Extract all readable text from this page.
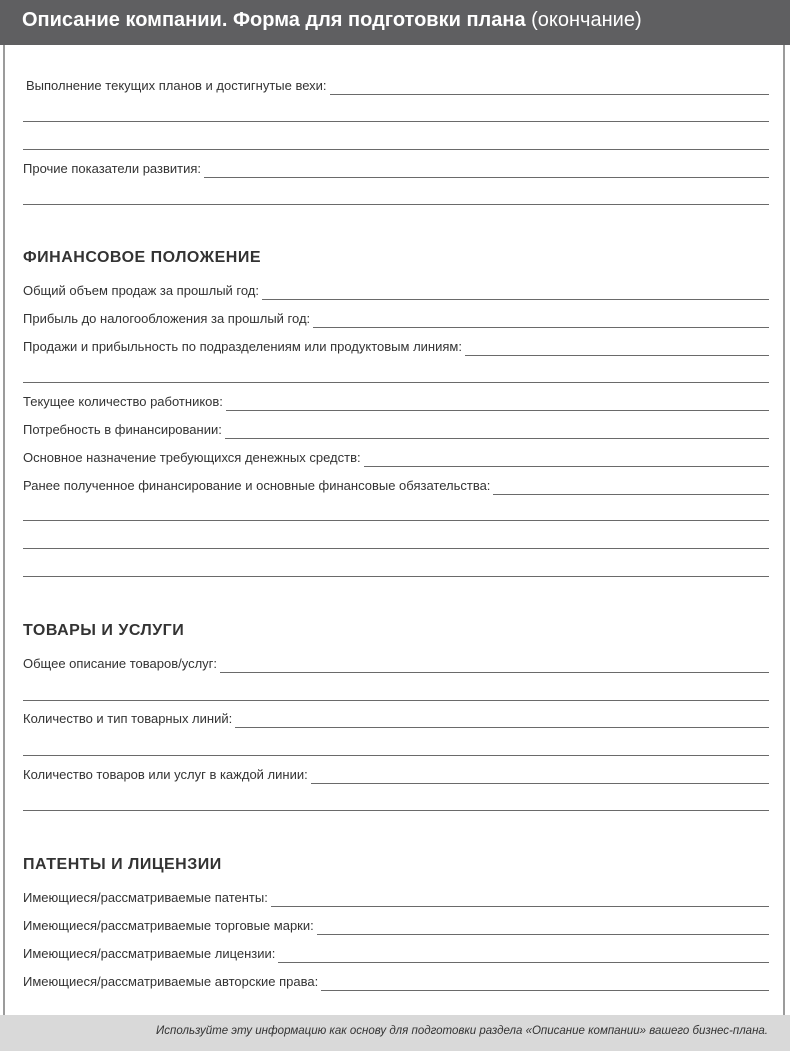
Описание компании. Форма для подготовки плана (окончание)
Выполнение текущих планов и достигнутые вехи:
Прочие показатели развития:
ФИНАНСОВОЕ ПОЛОЖЕНИЕ
Общий объем продаж за прошлый год:
Прибыль до налогообложения за прошлый год:
Продажи и прибыльность по подразделениям или продуктовым линиям:
Текущее количество работников:
Потребность в финансировании:
Основное назначение требующихся денежных средств:
Ранее полученное финансирование и основные финансовые обязательства:
ТОВАРЫ И УСЛУГИ
Общее описание товаров/услуг:
Количество и тип товарных линий:
Количество товаров или услуг в каждой линии:
ПАТЕНТЫ И ЛИЦЕНЗИИ
Имеющиеся/рассматриваемые патенты:
Имеющиеся/рассматриваемые торговые марки:
Имеющиеся/рассматриваемые лицензии:
Имеющиеся/рассматриваемые авторские права:
Используйте эту информацию как основу для подготовки раздела «Описание компании» вашего бизнес-плана.
